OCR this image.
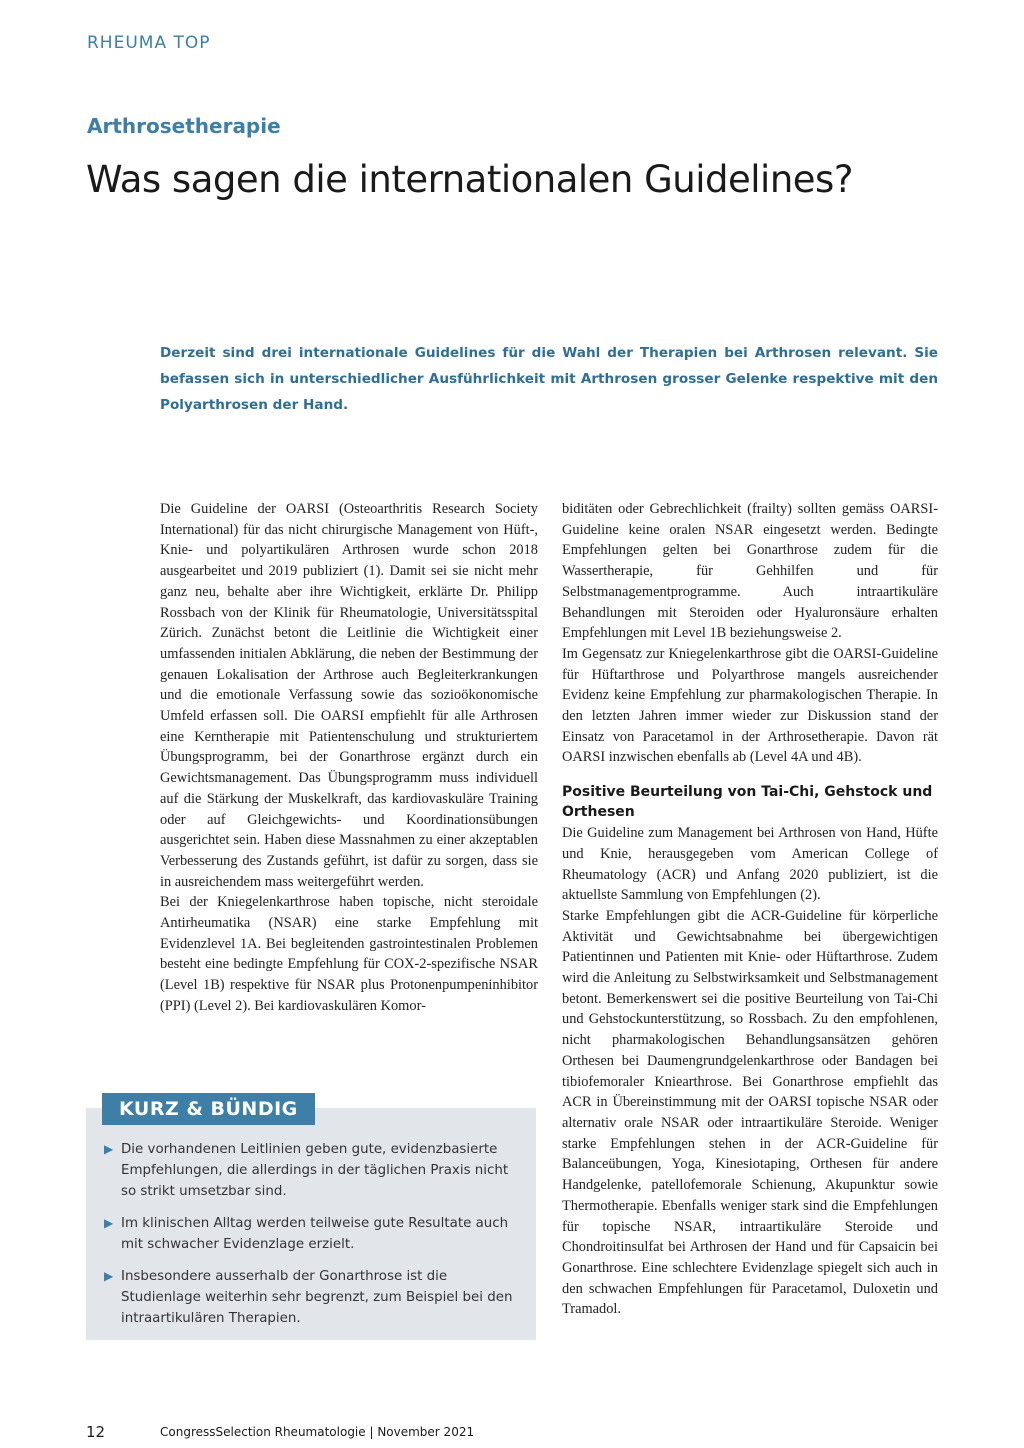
RHEUMA TOP
Arthrosetherapie
Was sagen die internationalen Guidelines?

Derzeit sind drei internationale Guidelines für die Wahl der Therapien bei Arthrosen relevant. Sie befassen sich in unterschiedlicher Ausführlichkeit mit Arthrosen grosser Gelenke respektive mit den Polyarthrosen der Hand.

Die Guideline der OARSI (Osteoarthritis Research Society International) für das nicht chirurgische Management von Hüft-, Knie- und polyartikulären Arthrosen wurde schon 2018 ausgearbeitet und 2019 publiziert (1). Damit sei sie nicht mehr ganz neu, behalte aber ihre Wichtigkeit, erklärte Dr. Philipp Rossbach von der Klinik für Rheumatologie, Universitätsspital Zürich. Zunächst betont die Leitlinie die Wichtigkeit einer umfassenden initialen Abklärung, die neben der Bestimmung der genauen Lokalisation der Arthrose auch Begleiterkrankungen und die emotionale Verfassung sowie das sozioökonomische Umfeld erfassen soll. Die OARSI empfiehlt für alle Arthrosen eine Kerntherapie mit Patientenschulung und strukturiertem Übungsprogramm, bei der Gonarthrose ergänzt durch ein Gewichtsmanagement. Das Übungsprogramm muss individuell auf die Stärkung der Muskelkraft, das kardiovaskuläre Training oder auf Gleichgewichts- und Koordinationsübungen ausgerichtet sein. Haben diese Massnahmen zu einer akzeptablen Verbesserung des Zustands geführt, ist dafür zu sorgen, dass sie in ausreichendem mass weitergeführt werden.

Bei der Kniegelenkarthrose haben topische, nicht steroidale Antirheumatika (NSAR) eine starke Empfehlung mit Evidenzlevel 1A. Bei begleitenden gastrointestinalen Problemen besteht eine bedingte Empfehlung für COX-2-spezifische NSAR (Level 1B) respektive für NSAR plus Protonenpumpeninhibitor (PPI) (Level 2). Bei kardiovaskulären Komor-

biditäten oder Gebrechlichkeit (frailty) sollten gemäss OARSI-Guideline keine oralen NSAR eingesetzt werden. Bedingte Empfehlungen gelten bei Gonarthrose zudem für die Wassertherapie, für Gehhilfen und für Selbstmanagementprogramme. Auch intraartikuläre Behandlungen mit Steroiden oder Hyaluronsäure erhalten Empfehlungen mit Level 1B beziehungsweise 2.

Im Gegensatz zur Kniegelenkarthrose gibt die OARSI-Guideline für Hüftarthrose und Polyarthrose mangels ausreichender Evidenz keine Empfehlung zur pharmakologischen Therapie. In den letzten Jahren immer wieder zur Diskussion stand der Einsatz von Paracetamol in der Arthrosetherapie. Davon rät OARSI inzwischen ebenfalls ab (Level 4A und 4B).

Positive Beurteilung von Tai-Chi, Gehstock und Orthesen

Die Guideline zum Management bei Arthrosen von Hand, Hüfte und Knie, herausgegeben vom American College of Rheumatology (ACR) und Anfang 2020 publiziert, ist die aktuellste Sammlung von Empfehlungen (2).

Starke Empfehlungen gibt die ACR-Guideline für körperliche Aktivität und Gewichtsabnahme bei übergewichtigen Patientinnen und Patienten mit Knie- oder Hüftarthrose. Zudem wird die Anleitung zu Selbstwirksamkeit und Selbstmanagement betont. Bemerkenswert sei die positive Beurteilung von Tai-Chi und Gehstockunterstützung, so Rossbach. Zu den empfohlenen, nicht pharmakologischen Behandlungsansätzen gehören Orthesen bei Daumengrundgelenkarthrose oder Bandagen bei tibiofemoraler Kniearthrose. Bei Gonarthrose empfiehlt das ACR in Übereinstimmung mit der OARSI topische NSAR oder alternativ orale NSAR oder intraartikuläre Steroide. Weniger starke Empfehlungen stehen in der ACR-Guideline für Balanceübungen, Yoga, Kinesiotaping, Orthesen für andere Handgelenke, patellofemorale Schienung, Akupunktur sowie Thermotherapie. Ebenfalls weniger stark sind die Empfehlungen für topische NSAR, intraartikuläre Steroide und Chondroitinsulfat bei Arthrosen der Hand und für Capsaicin bei Gonarthrose. Eine schlechtere Evidenzlage spiegelt sich auch in den schwachen Empfehlungen für Paracetamol, Duloxetin und Tramadol.

KURZ & BÜNDIG
▶ Die vorhandenen Leitlinien geben gute, evidenzbasierte Empfehlungen, die allerdings in der täglichen Praxis nicht so strikt umsetzbar sind.
▶ Im klinischen Alltag werden teilweise gute Resultate auch mit schwacher Evidenzlage erzielt.
▶ Insbesondere ausserhalb der Gonarthrose ist die Studienlage weiterhin sehr begrenzt, zum Beispiel bei den intraartikulären Therapien.
12	CongressSelection Rheumatologie | November 2021
